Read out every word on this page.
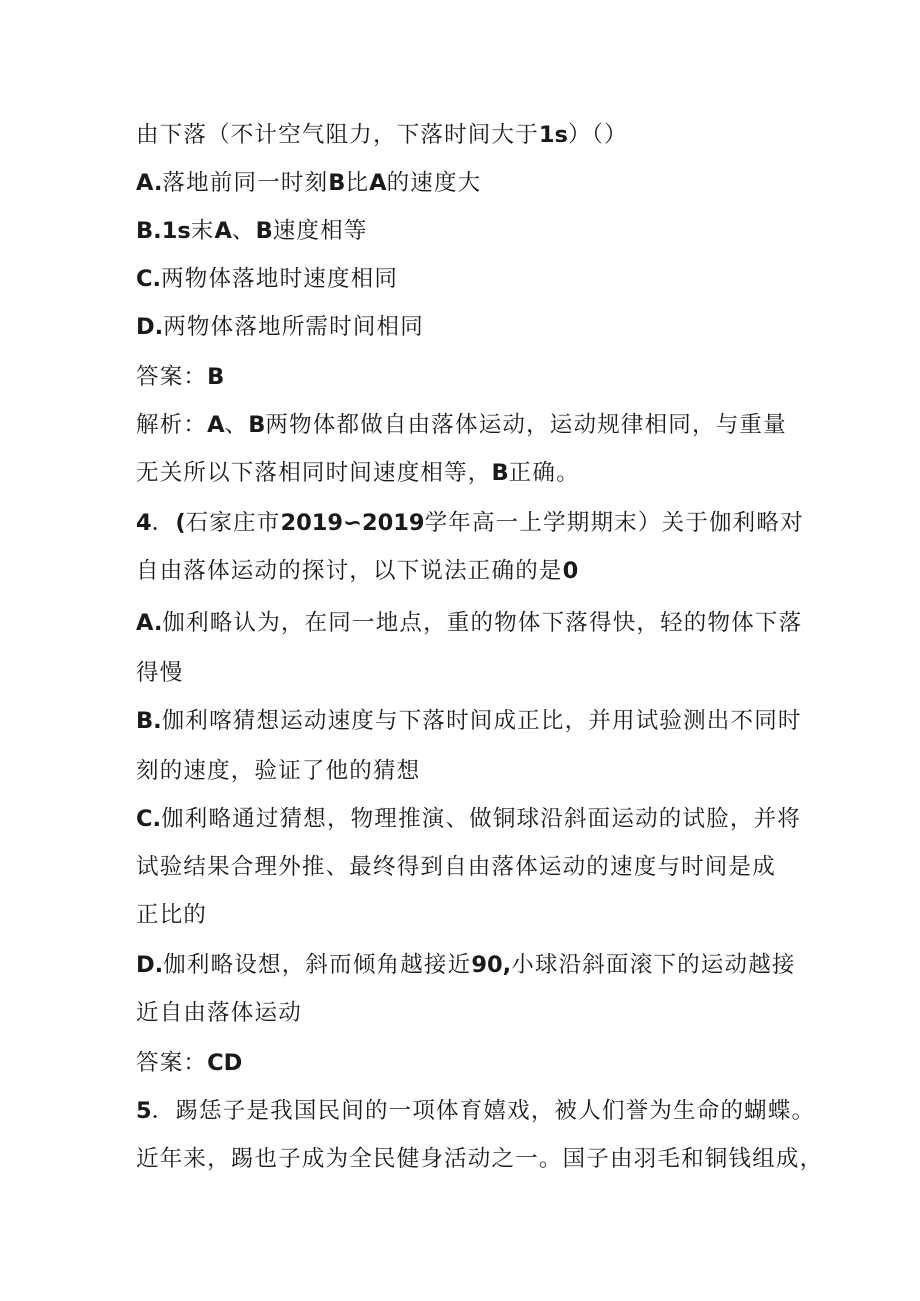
由下落（不计空气阻力，下落时间大于1s）（）
A.落地前同一时刻B比A的速度大
B.1s末A、B速度相等
C.两物体落地时速度相同
D.两物体落地所需时间相同
答案：B
解析：A、B两物体都做自由落体运动，运动规律相同，与重量
无关所以下落相同时间速度相等，B正确。
4．(石家庄市2019∽2019学年高一上学期期末）关于伽利略对
自由落体运动的探讨，以下说法正确的是0
A.伽利略认为，在同一地点，重的物体下落得快，轻的物体下落
得慢
B.伽利喀猜想运动速度与下落时间成正比，并用试验测出不同时
刻的速度，验证了他的猜想
C.伽利略通过猜想，物理推演、做铜球沿斜面运动的试脸，并将
试验结果合理外推、最终得到自由落体运动的速度与时间是成
正比的
D.伽利略设想，斜而倾角越接近90,小球沿斜面滚下的运动越接
近自由落体运动
答案：CD
5．踢恁子是我国民间的一项体育嬉戏，被人们誉为生命的蝴蝶。
近年来，踢也子成为全民健身活动之一。国子由羽毛和铜钱组成，
